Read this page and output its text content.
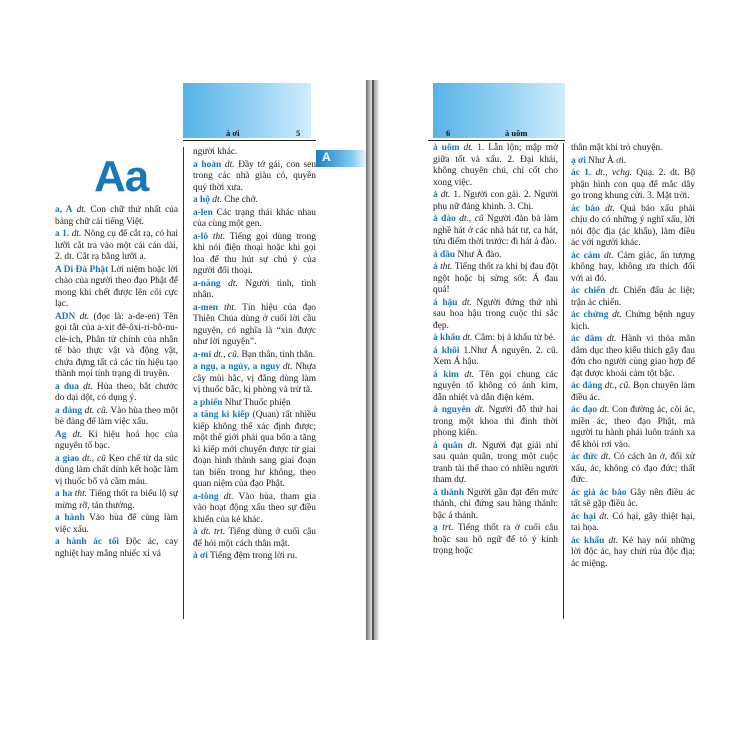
à ơi	5	6	à uôm
Aa	A

a, A dt. Con chữ thứ nhất của bảng chữ cái tiếng Việt.

a 1. dt. Nông cụ để cắt rạ, có hai lưỡi cắt tra vào một cái cán dài, 2. dt. Cắt rạ bằng lưỡi a.

A Di Đà Phật Lời niệm hoặc lời chào của người theo đạo Phật để mong khi chết được lên cõi cực lạc.

ADN dt. (đọc là: a-de-en) Tên gọi tắt của a-xit đê-ôxi-ri-bô-nu-cle-ich, Phân tử chính của nhân tế bào thực vật và động vật, chứa đựng tất cả các tín hiệu tạo thành mọi tính trạng di truyền.

a dua dt. Hùa theo, bắt chước do dại dột, có dụng ý.

a đảng dt. cũ. Vào hùa theo một bè đảng để làm việc xấu.

Ag dt. Kí hiệu hoá học của nguyên tố bạc.

a giao dt., cũ Keo chế từ da súc dùng làm chất dính kết hoặc làm vị thuốc bổ và cầm máu.

a ha tht. Tiếng thốt ra biểu lộ sự mừng rỡ, tán thưởng.

a hành Vào hùa để cùng làm việc xấu.

a hành ác tối Độc ác, cay nghiệt hay mắng nhiếc xỉ vả

người khác.

a hoàn dt. Đầy tớ gái, con sen trong các nhà giàu có, quyền quý thời xưa.

a hộ dt. Che chở.

a-len Các trạng thái khác nhau của cùng một gen.

a-lô tht. Tiếng gọi dùng trong khi nói điện thoại hoặc khi gọi loa để thu hút sự chú ý của người đối thoại.

a-năng dt. Người tình, tình nhân.

a-men tht. Tín hiệu của đạo Thiên Chúa dùng ở cuối lời cầu nguyện, có nghĩa là “xin được như lời nguyện”.

a-mi dt., cũ. Bạn thân, tình thân.

a ngụ, a ngùy, a nguy dt. Nhựa cây mùi hắc, vị đắng dùng làm vị thuốc bắc, kị phòng và trừ tà.

a phiến Như Thuốc phiện

a tăng kì kiếp (Quan) rất nhiều kiếp không thể xác định được; một thế giới phải qua bốn a tăng kì kiếp mới chuyển được từ giai đoạn hình thành sang giai đoạn tan biến trong hư không, theo quan niệm của đạo Phật.

a-tòng dt. Vào hùa, tham gia vào hoạt động xấu theo sự điều khiển của kẻ khác.

à dt. trt. Tiếng dùng ở cuối câu để hỏi một cách thân mật.

à ơi Tiếng đệm trong lời ru.

à uôm dt. 1. Lẫn lộn; mập mờ giữa tốt và xấu. 2. Đại khái, không chuyên chú, chỉ cốt cho xong việc.

ả dt. 1. Người con gái. 2. Người phụ nữ đáng khinh. 3. Chị.

ả đào dt., cũ Người đàn bà làm nghề hát ở các nhà hát tư, ca hát, tửu điếm thời trước: đi hát ả đào.

ả đầu Như Ả đào.

á tht. Tiếng thốt ra khi bị đau đột ngột hoặc bị sửng sốt: Á đau quá!

á hậu dt. Người đứng thứ nhì sau hoa hậu trong cuộc thi sắc đẹp.

á khẩu dt. Câm: bị á khẩu từ bé.

á khôi 1.Như Á nguyên. 2. cũ. Xem Á hậu.

á kim dt. Tên gọi chung các nguyên tố không có ánh kim, dẫn nhiệt và dẫn điện kém.

á nguyên dt. Người đỗ thứ hai trong một khoa thi đình thời phong kiến.

á quân dt. Người đạt giải nhì sau quán quân, trong một cuộc tranh tài thể thao có nhiều người tham dự.

á thánh Người gần đạt đến mức thánh, chỉ đứng sau hàng thánh: bậc á thánh.

ạ trt. Tiếng thốt ra ở cuối câu hoặc sau hô ngữ để tỏ ý kính trọng hoặc

thân mật khi trò chuyện.

ạ ơi Như À ơi.

ác 1. dt., vchg. Quạ. 2. dt. Bộ phận hình con quạ để mắc dây go trong khung cửi. 3. Mặt trời.

ác báo dt. Quả báo xấu phải chịu do có những ý nghĩ xấu, lời nói độc địa (ác khẩu), làm điều ác với người khác.

ác cảm dt. Cảm giác, ấn tượng không hay, không ưa thích đối với ai đó.

ác chiến dt. Chiến đấu ác liệt; trận ác chiến.

ác chứng dt. Chứng bệnh nguy kịch.

ác dâm dt. Hành vi thỏa mãn dâm dục theo kiểu thích gây đau đớn cho người cùng giao hợp để đạt được khoái cảm tột bậc.

ác đảng dt., cũ. Bọn chuyên làm điều ác.

ác đạo dt. Con đường ác, cõi ác, miền ác, theo đạo Phật, mà người tu hành phải luôn tránh xa để khỏi rơi vào.

ác đức dt. Có cách ăn ở, đối xử xấu, ác, không có đạo đức; thất đức.

ác giả ác báo Gây nên điều ác tất sẽ gặp điều ác.

ác hại dt. Có hại, gây thiệt hại, tai họa.

ác khẩu dt. Kẻ hay nói những lời độc ác, hay chửi rủa độc địa; ác miệng.
